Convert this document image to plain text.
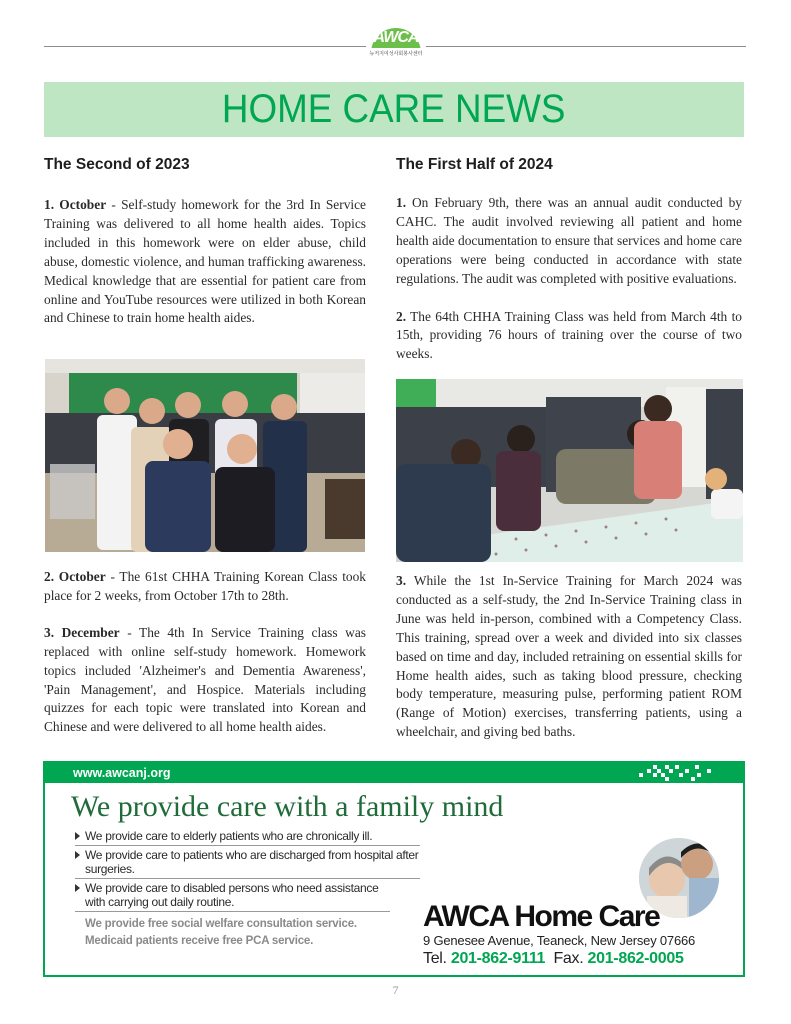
AWCA
뉴저지여성사회봉사센터
HOME CARE NEWS
The Second of 2023

1. October - Self-study homework for the 3rd In Service Training was delivered to all home health aides. Topics included in this homework were on elder abuse, child abuse, domestic violence, and human trafficking awareness. Medical knowledge that are essential for patient care from online and YouTube resources were utilized in both Korean and Chinese to train home health aides.

2. October - The 61st CHHA Training Korean Class took place for 2 weeks, from October 17th to 28th.

3. December - The 4th In Service Training class was replaced with online self-study homework. Homework topics included 'Alzheimer's and Dementia Awareness', 'Pain Management', and Hospice. Materials including quizzes for each topic were translated into Korean and Chinese and were delivered to all home health aides.

The First Half of 2024

1. On February 9th, there was an annual audit conducted by CAHC. The audit involved reviewing all patient and home health aide documentation to ensure that services and home care operations were being conducted in accordance with state regulations. The audit was completed with positive evaluations.

2. The 64th CHHA Training Class was held from March 4th to 15th, providing 76 hours of training over the course of two weeks.

3. While the 1st In-Service Training for March 2024 was conducted as a self-study, the 2nd In-Service Training class in June was held in-person, combined with a Competency Class. This training, spread over a week and divided into six classes based on time and day, included retraining on essential skills for Home health aides, such as taking blood pressure, checking body temperature, measuring pulse, performing patient ROM (Range of Motion) exercises, transferring patients, using a wheelchair, and giving bed baths.

www.awcanj.org
We provide care with a family mind
We provide care to elderly patients who are chronically ill.
We provide care to patients who are discharged from hospital after surgeries.
We provide care to disabled persons who need assistance with carrying out daily routine.
We provide free social welfare consultation service.
Medicaid patients receive free PCA service.
AWCA Home Care
9 Genesee Avenue, Teaneck, New Jersey 07666
Tel. 201-862-9111 Fax. 201-862-0005
7
